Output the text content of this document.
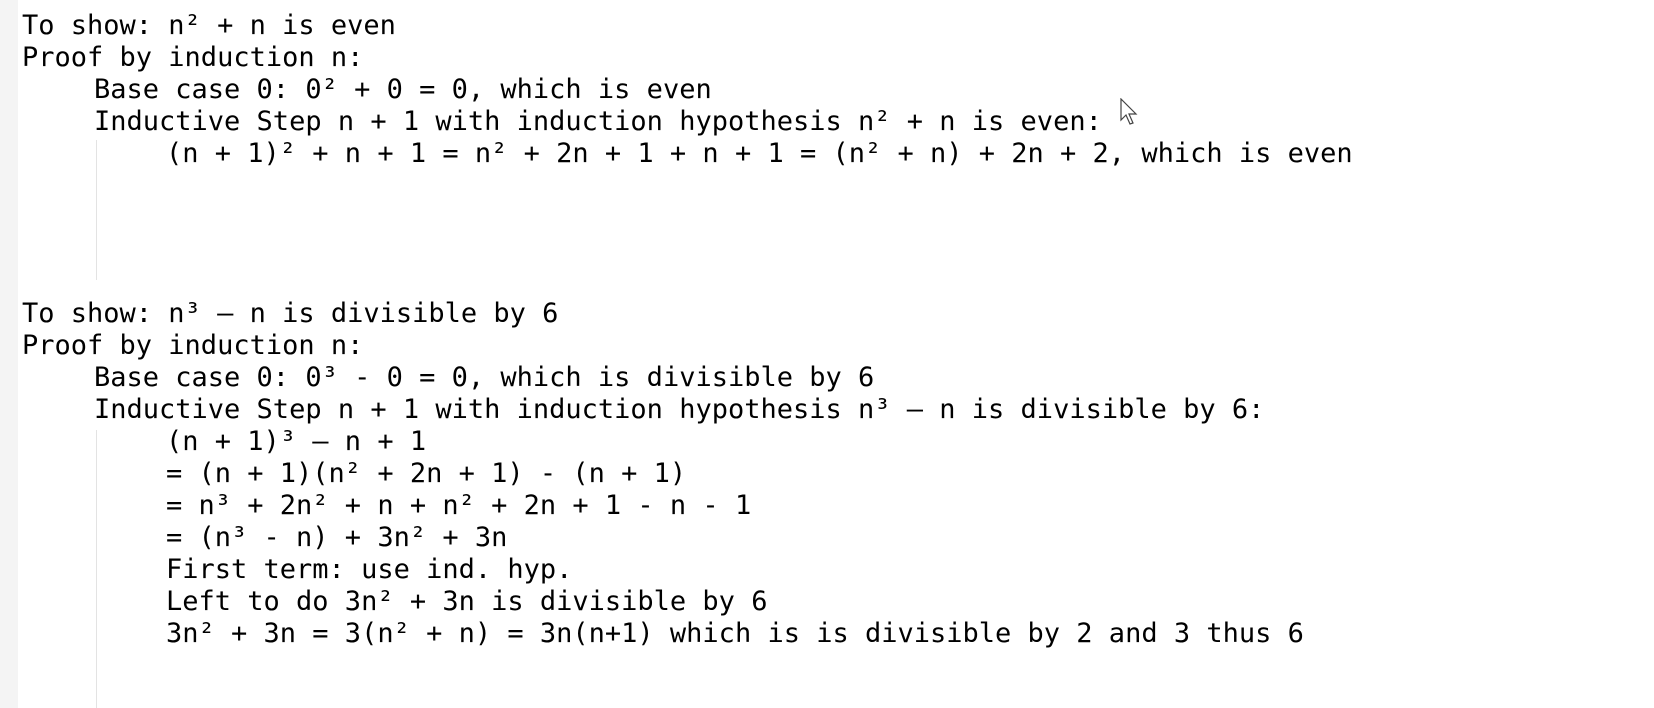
To show: n² + n is even
Proof by induction n:
Base case 0: 0² + 0 = 0, which is even
Inductive Step n + 1 with induction hypothesis n² + n is even:
(n + 1)² + n + 1 = n² + 2n + 1 + n + 1 = (n² + n) + 2n + 2, which is even
To show: n³ – n is divisible by 6
Proof by induction n:
Base case 0: 0³ - 0 = 0, which is divisible by 6
Inductive Step n + 1 with induction hypothesis n³ – n is divisible by 6:
(n + 1)³ – n + 1
= (n + 1)(n² + 2n + 1) - (n + 1)
= n³ + 2n² + n + n² + 2n + 1 - n - 1
= (n³ - n) + 3n² + 3n
First term: use ind. hyp.
Left to do 3n² + 3n is divisible by 6
3n² + 3n = 3(n² + n) = 3n(n+1) which is is divisible by 2 and 3 thus 6
